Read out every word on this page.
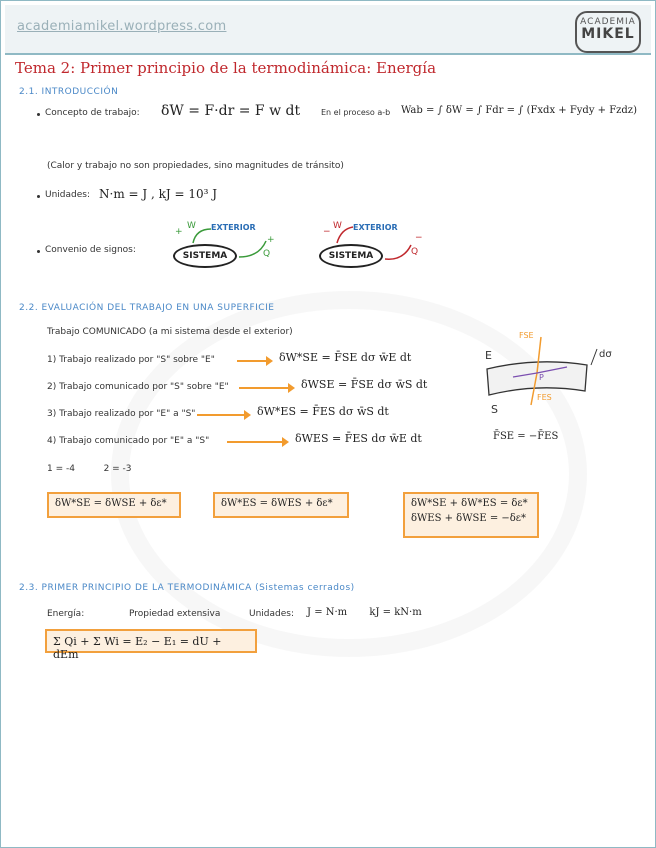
academiamikel.wordpress.com	ACADEMIA
MIKEL
Tema 2: Primer principio de la termodinámica: Energía
2.1. INTRODUCCIÓN
Concepto de trabajo: δW = F·dr = F w dt	En el proceso a-b Wab = ∫ δW = ∫ Fdr = ∫ (Fxdx + Fydy + Fzdz)
(Calor y trabajo no son propiedades, sino magnitudes de tránsito)
Unidades: N·m = J , kJ = 10³ J
Convenio de signos:
SISTEMA
EXTERIOR
W
+
+
Q	SISTEMA
EXTERIOR
W
−
−
Q
2.2. EVALUACIÓN DEL TRABAJO EN UNA SUPERFICIE
Trabajo COMUNICADO (a mi sistema desde el exterior)
1) Trabajo realizado por "S" sobre "E"	δW*SE = F̄SE dσ w̄E dt
2) Trabajo comunicado por "S" sobre "E"	δWSE = F̄SE dσ w̄S dt
3) Trabajo realizado por "E" a "S"	δW*ES = F̄ES dσ w̄S dt
4) Trabajo comunicado por "E" a "S"	δWES = F̄ES dσ w̄E dt
1 = -4          2 = -3
E
S
P
dσ
FSE
FES
F̄SE = −F̄ES
δW*SE = δWSE + δε*	δW*ES = δWES + δε*	δW*SE + δW*ES = δε*
δWES + δWSE = −δε*
2.3. PRIMER PRINCIPIO DE LA TERMODINÁMICA (Sistemas cerrados)
Energía:	Propiedad extensiva	Unidades: J = N·m       kJ = kN·m
Σ Qi + Σ Wi = E₂ − E₁ = dU + dEm
